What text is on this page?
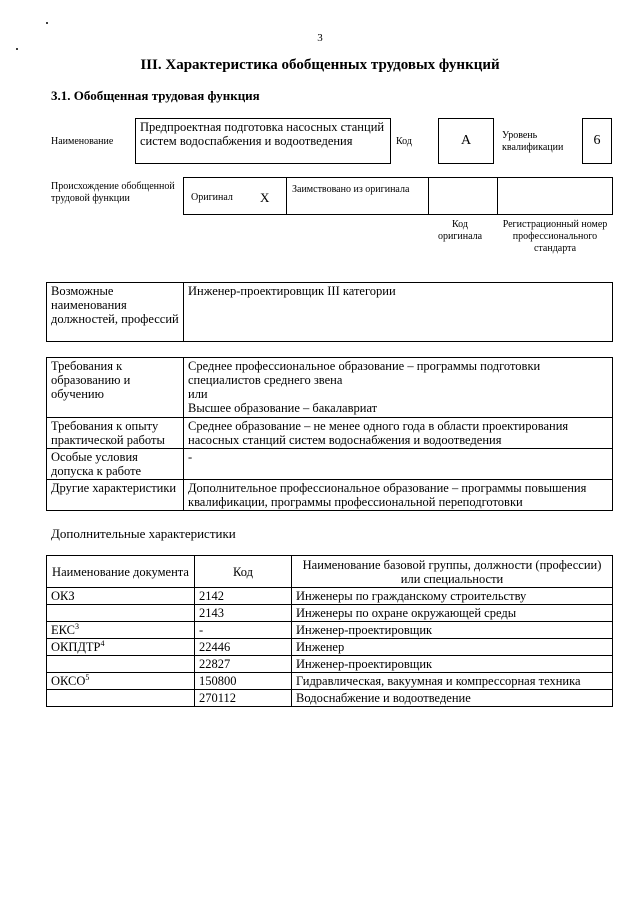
3
III. Характеристика обобщенных трудовых функций
3.1. Обобщенная трудовая функция
Наименование
Предпроектная подготовка насосных станций систем водоспабжения и водоотведения	Код	А	Уровень квалификации	6
Происхождение обобщенной трудовой функции	Оригинал X
Заимствовано из оригинала
Код оригинала
Регистрационный номер профессионального стандарта
Возможные наименования должностей, профессий	Инженер-проектировщик III категории
Требования к образованию и обучению	Среднее профессиональное образование – программы подготовки специалистов среднего звена
или
Высшее образование – бакалавриат
Требования к опыту практической работы	Среднее образование – не менее одного года в области проектирования насосных станций систем водоснабжения и водоотведения
Особые условия допуска к работе	-
Другие характеристики	Дополнительное профессиональное образование – программы повышения квалификации, программы профессиональной переподготовки
Дополнительные характеристики
Наименование документа	Код	Наименование базовой группы, должности (профессии) или специальности
ОКЗ	2142	Инженеры по гражданскому строительству
	2143	Инженеры по охране окружающей среды
ЕКС$^3$	-	Инженер-проектировщик
ОКПДТР$^4$	22446	Инженер
	22827	Инженер-проектировщик
ОКСО$^5$	150800	Гидравлическая, вакуумная и компрессорная техника
	270112	Водоснабжение и водоотведение
